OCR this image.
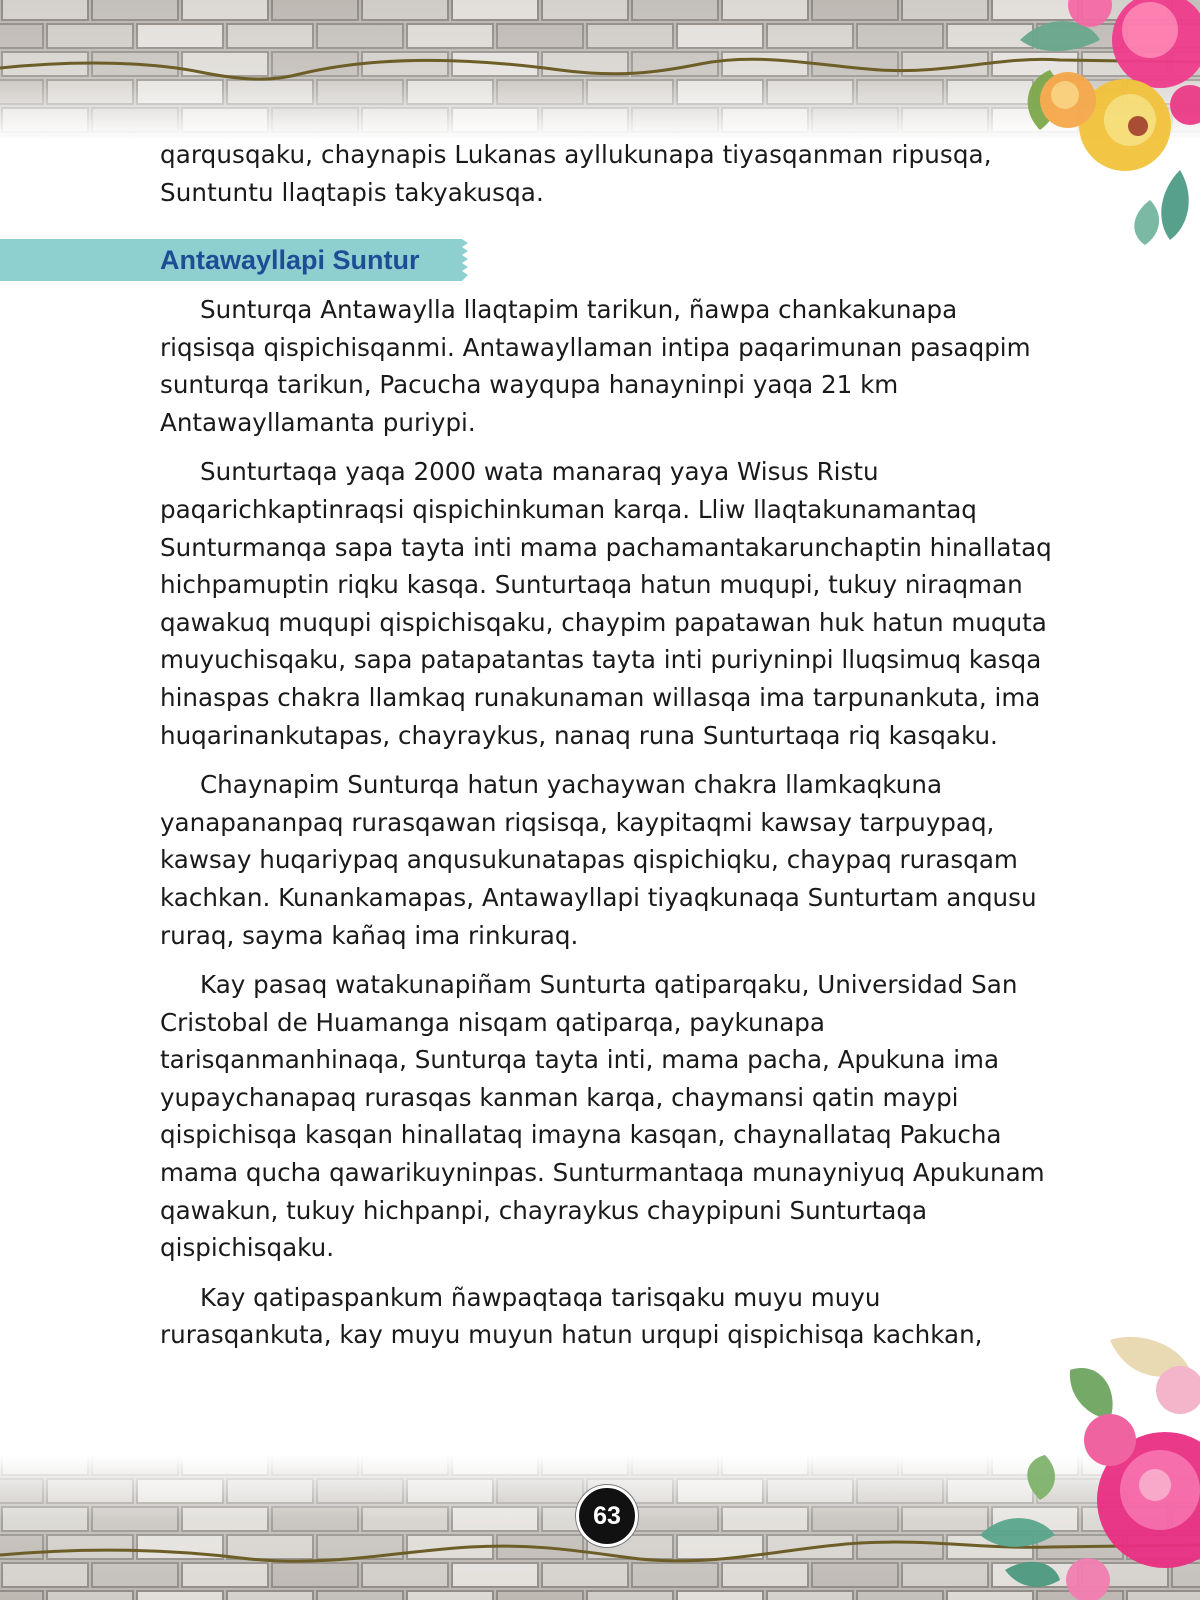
qarqusqaku, chaynapis Lukanas ayllukunapa tiyasqanman ripusqa, Suntuntu llaqtapis takyakusqa.

Antawayllapi Suntur

Sunturqa Antawaylla llaqtapim tarikun, ñawpa chankakunapa riqsisqa qispichisqanmi. Antawayllaman intipa paqarimunan pasaqpim sunturqa tarikun, Pacucha wayqupa hanayninpi yaqa 21 km Antawayllamanta puriypi.

Sunturtaqa yaqa 2000 wata manaraq yaya Wisus Ristu paqarichkaptinraqsi qispichinkuman karqa. Lliw llaqtakunamantaq Sunturmanqa sapa tayta inti mama pachamantakarunchaptin hinallataq hichpamuptin riqku kasqa. Sunturtaqa hatun muqupi, tukuy niraqman qawakuq muqupi qispichisqaku, chaypim papatawan huk hatun muquta muyuchisqaku, sapa patapatantas tayta inti puriyninpi lluqsimuq kasqa hinaspas chakra llamkaq runakunaman willasqa ima tarpunankuta, ima huqarinankutapas, chayraykus, nanaq runa Sunturtaqa riq kasqaku.

Chaynapim Sunturqa hatun yachaywan chakra llamkaqkuna yanapananpaq rurasqawan riqsisqa, kaypitaqmi kawsay tarpuypaq, kawsay huqariypaq anqusukunatapas qispichiqku, chaypaq rurasqam kachkan. Kunankamapas, Antawayllapi tiyaqkunaqa Sunturtam anqusu ruraq, sayma kañaq ima rinkuraq.

Kay pasaq watakunapiñam Sunturta qatiparqaku, Universidad San Cristobal de Huamanga nisqam qatiparqa, paykunapa tarisqanmanhinaqa, Sunturqa tayta inti, mama pacha, Apukuna ima yupaychanapaq rurasqas kanman karqa, chaymansi qatin maypi qispichisqa kasqan hinallataq imayna kasqan, chaynallataq Pakucha mama qucha qawarikuyninpas. Sunturmantaqa munayniyuq Apukunam qawakun, tukuy hichpanpi, chayraykus chaypipuni Sunturtaqa qispichisqaku.

Kay qatipaspankum ñawpaqtaqa tarisqaku muyu muyu rurasqankuta, kay muyu muyun hatun urqupi qispichisqa kachkan,

63
